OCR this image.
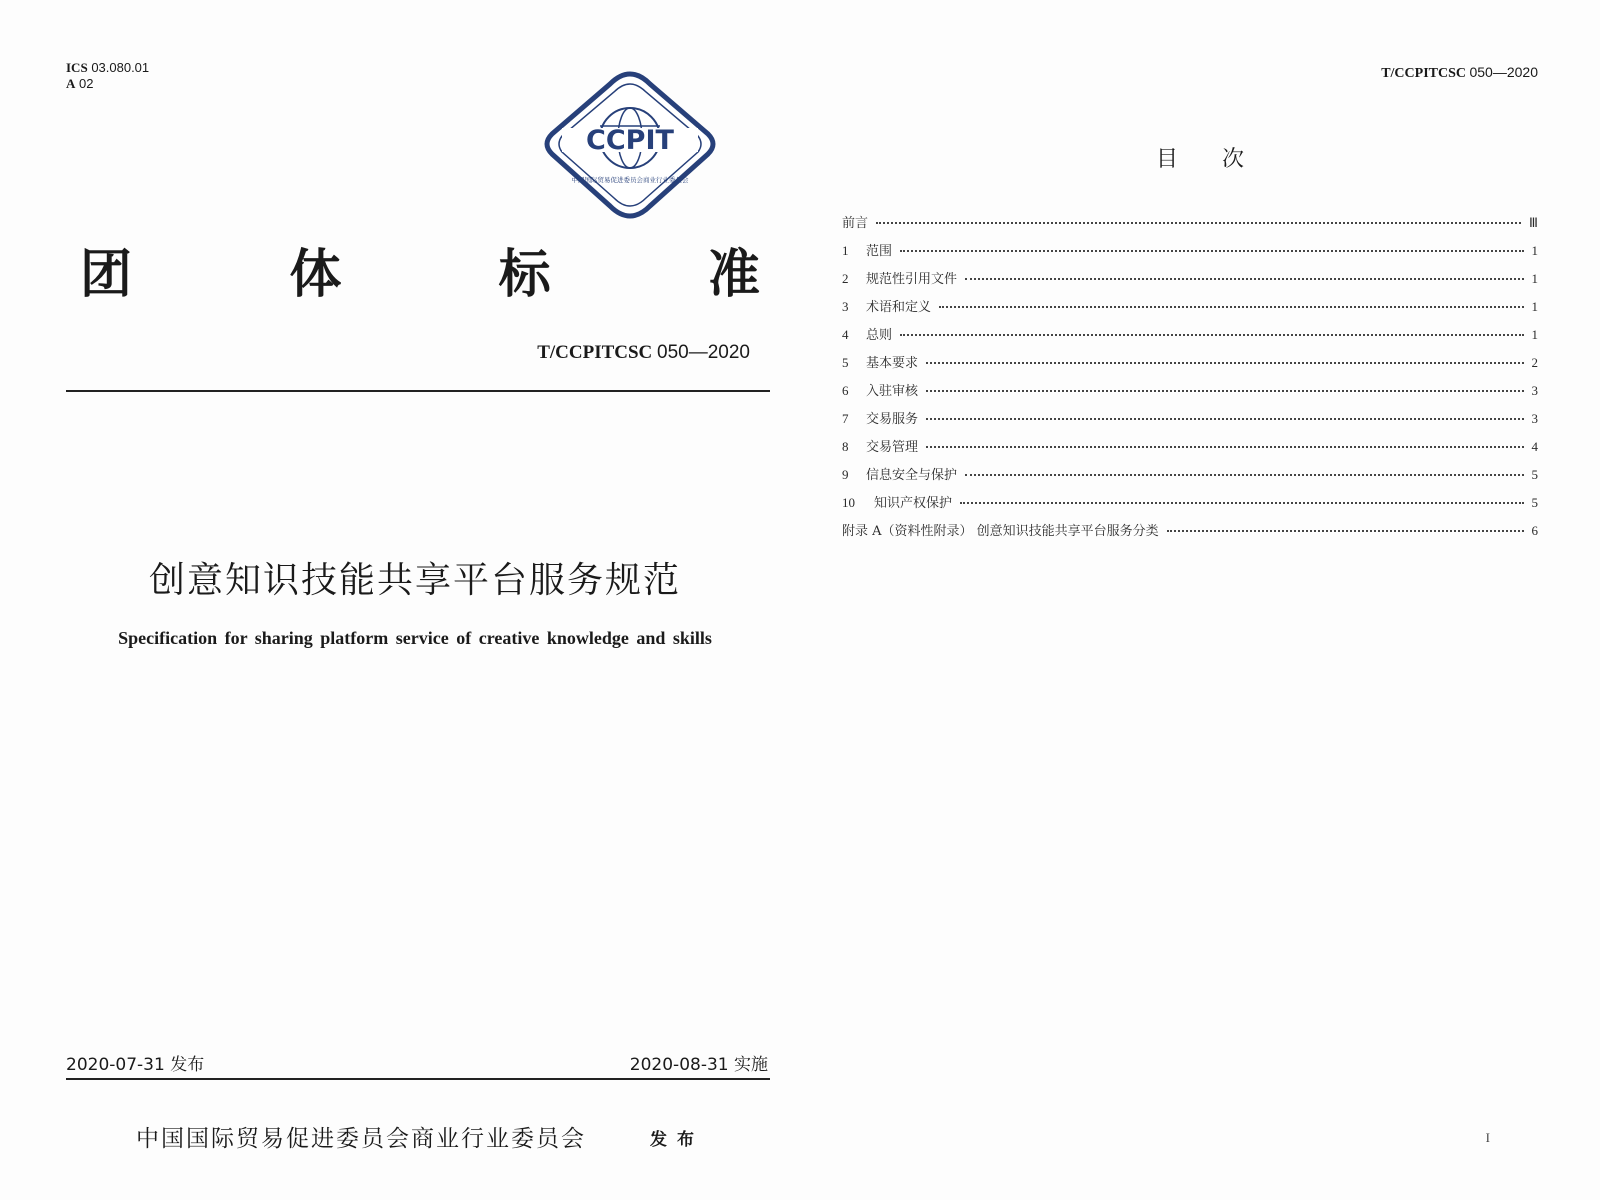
ICS 03.080.01
A 02
CCPIT
中国国际贸易促进委员会商业行业委员会
团	体	标	准
T/CCPITCSC 050—2020
创意知识技能共享平台服务规范
Specification for sharing platform service of creative knowledge and skills
2020-07-31 发布	2020-08-31 实施
中国国际贸易促进委员会商业行业委员会	发布
T/CCPITCSC 050—2020
目次
前言	Ⅲ
1	范围	1
2	规范性引用文件	1
3	术语和定义	1
4	总则	1
5	基本要求	2
6	入驻审核	3
7	交易服务	3
8	交易管理	4
9	信息安全与保护	5
10	知识产权保护	5
附录 A（资料性附录） 创意知识技能共享平台服务分类	6
I
